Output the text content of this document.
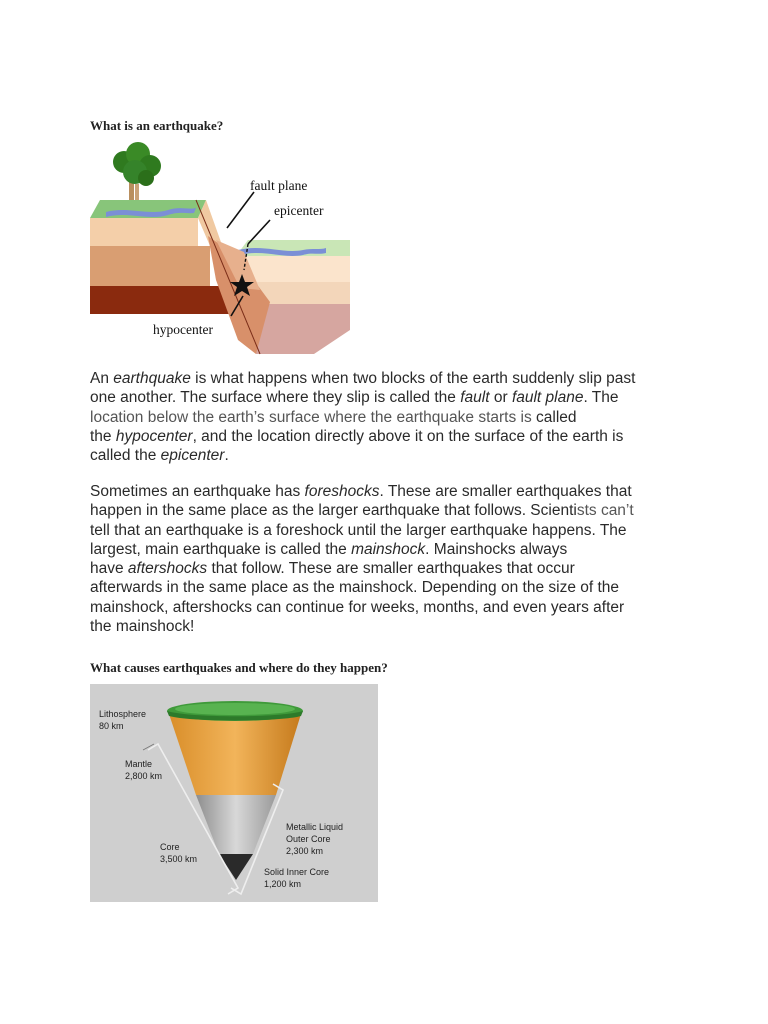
What is an earthquake?
fault plane
epicenter
hypocenter

An earthquake is what happens when two blocks of the earth suddenly slip past
one another. The surface where they slip is called the fault or fault plane. The
location below the earth’s surface where the earthquake starts is called
the hypocenter, and the location directly above it on the surface of the earth is
called the epicenter.

Sometimes an earthquake has foreshocks. These are smaller earthquakes that
happen in the same place as the larger earthquake that follows. Scientists can’t
tell that an earthquake is a foreshock until the larger earthquake happens. The
largest, main earthquake is called the mainshock. Mainshocks always
have aftershocks that follow. These are smaller earthquakes that occur
afterwards in the same place as the mainshock. Depending on the size of the
mainshock, aftershocks can continue for weeks, months, and even years after
the mainshock!

What causes earthquakes and where do they happen?
Lithosphere
80 km
Mantle
2,800 km
Core
3,500 km
Metallic Liquid
Outer Core
2,300 km
Solid Inner Core
1,200 km
